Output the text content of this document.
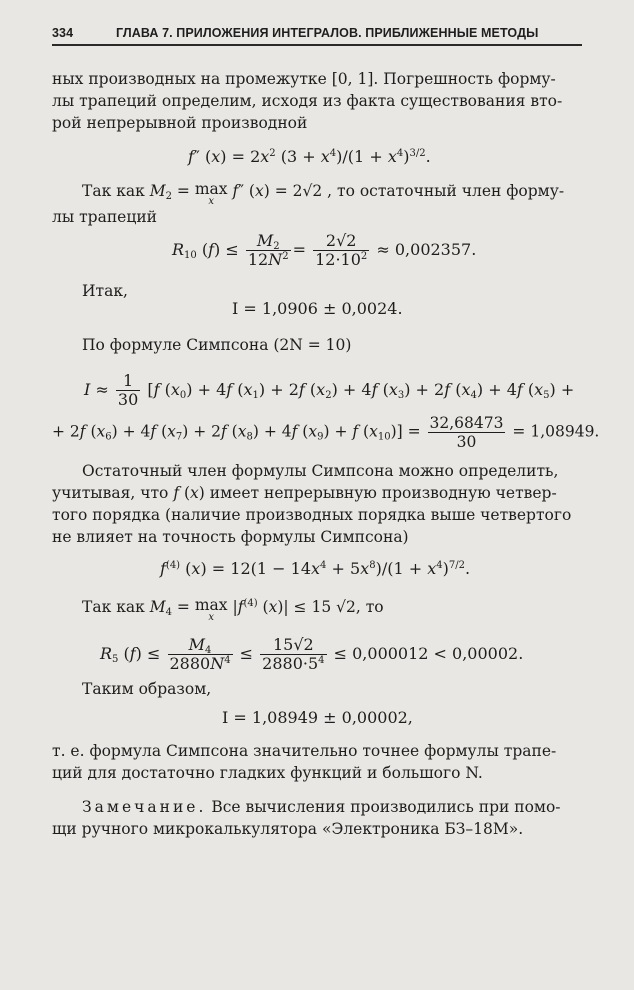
334	ГЛАВА 7. ПРИЛОЖЕНИЯ ИНТЕГРАЛОВ. ПРИБЛИЖЕННЫЕ МЕТОДЫ
ных производных на промежутке [0, 1]. Погрешность форму-
лы трапеций определим, исходя из факта существования вто-
рой непрерывной производной
f″ $(x) = 2x^2$ $(3 + x^4)/(1 + x^4)^{3/2}$.
Так как $M_2 = \max$
x
f″ (x) = 2√2 , то остаточный член форму-
лы трапеций
$R_{10}$ $(f) \le \frac{M_2}{12N^2} = \frac{2√2}{12\cdot 10^2} \approx 0,002357$.
Итак,
I = 1,0906 ± 0,0024.
По формуле Симпсона (2N = 10)
$I \approx \frac{1}{30} [f$ $(x_0) + 4f$ $(x_1) + 2f$ $(x_2) + 4f$ $(x_3) + 2f$ $(x_4) + 4f$ $(x_5)$ +
+ 2f $(x_6) + 4f$ $(x_7) + 2f$ $(x_8) + 4f$ $(x_9) + f$ $(x_{10})] = \frac{32,68473}{30} = 1,08949$.
Остаточный член формулы Симпсона можно определить,
учитывая, что f (x) имеет непрерывную производную четвер-
того порядка (наличие производных порядка выше четвертого
не влияет на точность формулы Симпсона)
$f^{(4)}$ $(x) = 12(1 - 14x^4 + 5x^8)/(1 + x^4)^{7/2}$.
Так как $M_4 = \max$
x
$|f^{(4)}$ (x)| ≤ 15 √2, то
$R_5$ $(f) \le \frac{M_4}{2880N^4} \le \frac{15√2}{2880\cdot 5^4} \le 0,000012 < 0,00002$.
Таким образом,
I = 1,08949 ± 0,00002,
т. е. формула Симпсона значительно точнее формулы трапе-
ций для достаточно гладких функций и большого N.
Замечание. Все вычисления производились при помо-
щи ручного микрокалькулятора «Электроника БЗ–18М».
